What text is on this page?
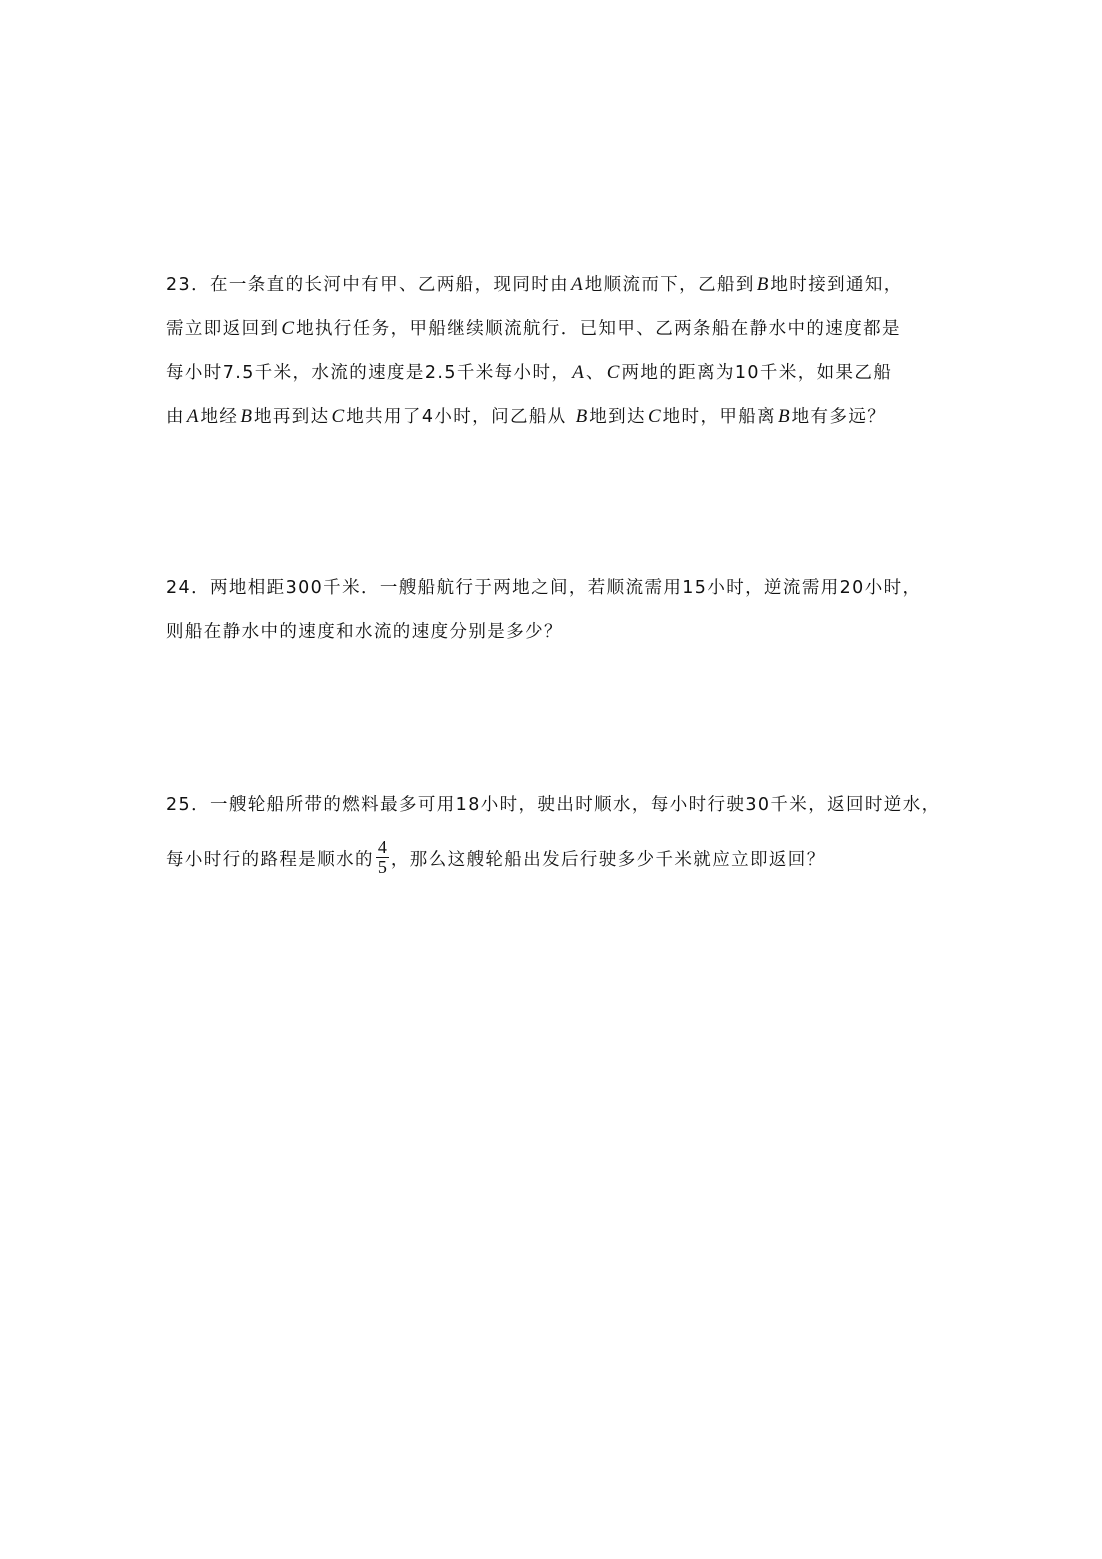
23．在一条直的长河中有甲、乙两船，现同时由 A 地顺流而下，乙船到 B 地时接到通知，
需立即返回到 C 地执行任务，甲船继续顺流航行．已知甲、乙两条船在静水中的速度都是
每小时7.5千米，水流的速度是2.5千米每小时， A 、 C 两地的距离为10千米，如果乙船
由 A 地经 B 地再到达 C 地共用了4小时，问乙船从 B 地到达 C 地时，甲船离 B 地有多远？
24．两地相距300千米．一艘船航行于两地之间，若顺流需用15小时，逆流需用20小时，
则船在静水中的速度和水流的速度分别是多少？
25．一艘轮船所带的燃料最多可用18小时，驶出时顺水，每小时行驶30千米，返回时逆水，
每小时行的路程是顺水的 $\frac{4}{5}$ ，那么这艘轮船出发后行驶多少千米就应立即返回？
